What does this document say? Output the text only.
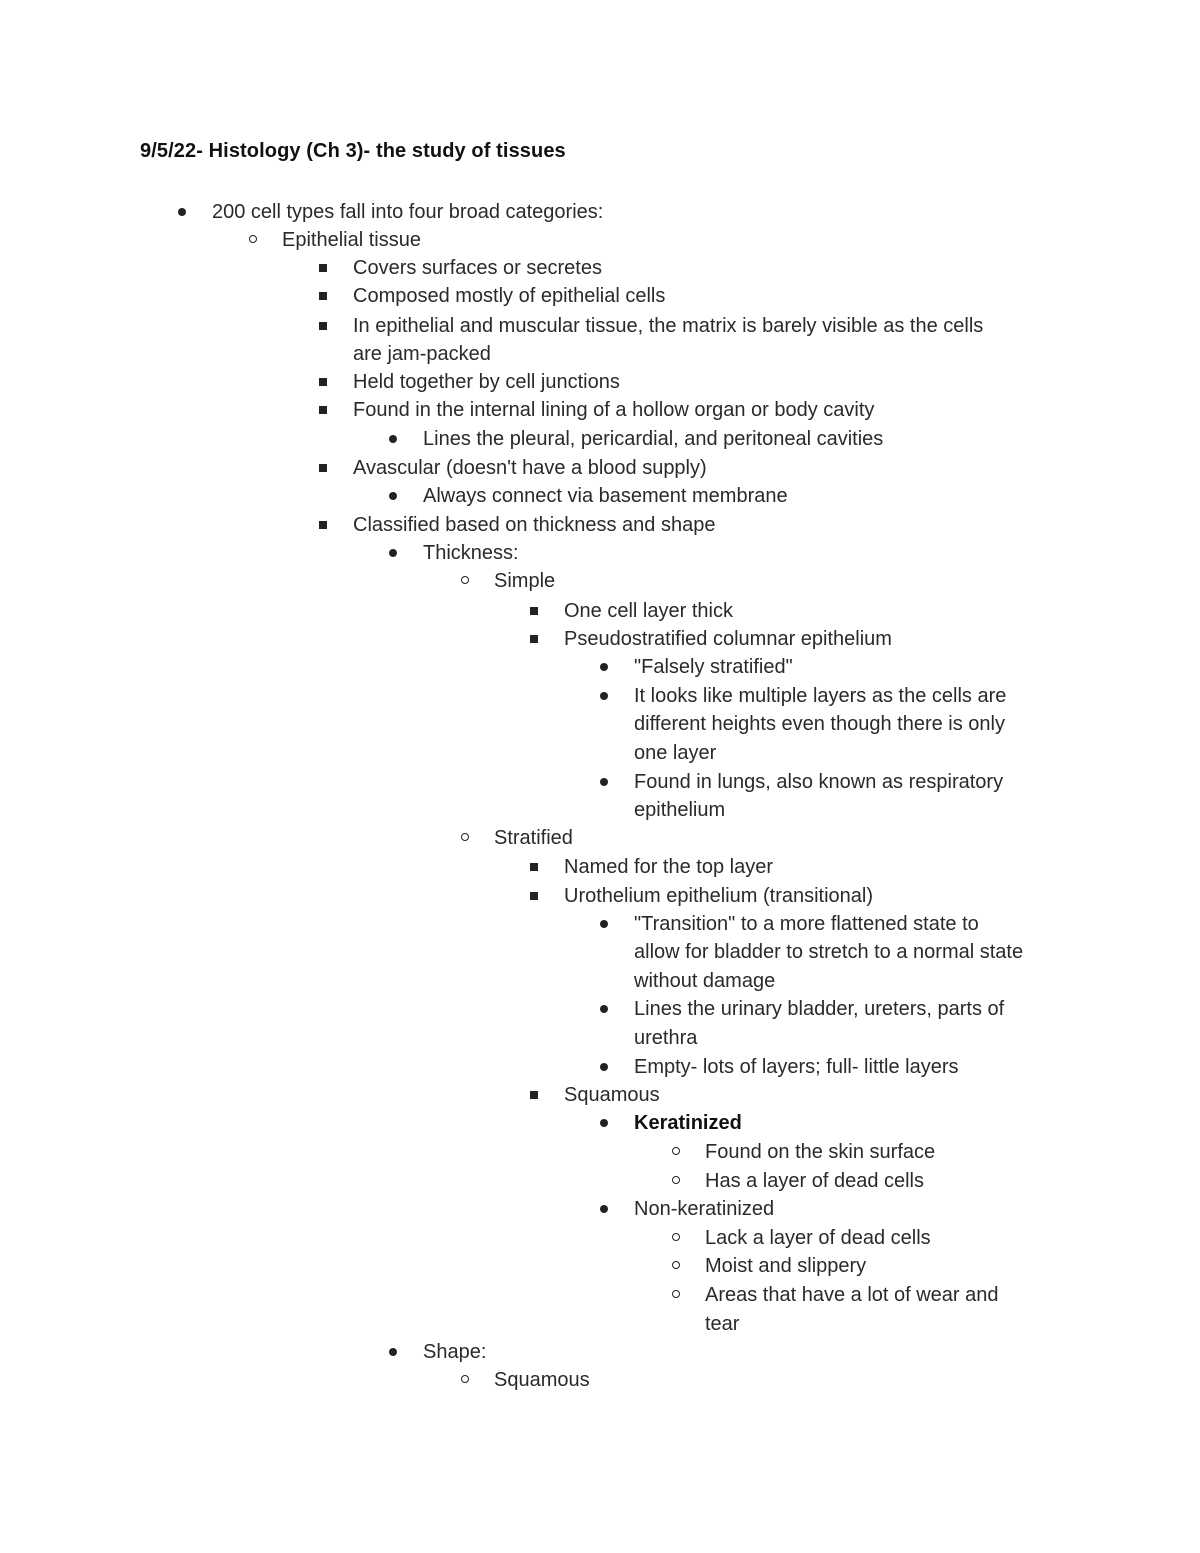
9/5/22- Histology (Ch 3)- the study of tissues
200 cell types fall into four broad categories:
Epithelial tissue
Covers surfaces or secretes
Composed mostly of epithelial cells
In epithelial and muscular tissue, the matrix is barely visible as the cells
are jam-packed
Held together by cell junctions
Found in the internal lining of a hollow organ or body cavity
Lines the pleural, pericardial, and peritoneal cavities
Avascular (doesn't have a blood supply)
Always connect via basement membrane
Classified based on thickness and shape
Thickness:
Simple
One cell layer thick
Pseudostratified columnar epithelium
"Falsely stratified"
It looks like multiple layers as the cells are
different heights even though there is only
one layer
Found in lungs, also known as respiratory
epithelium
Stratified
Named for the top layer
Urothelium epithelium (transitional)
"Transition" to a more flattened state to
allow for bladder to stretch to a normal state
without damage
Lines the urinary bladder, ureters, parts of
urethra
Empty- lots of layers; full- little layers
Squamous
Keratinized
Found on the skin surface
Has a layer of dead cells
Non-keratinized
Lack a layer of dead cells
Moist and slippery
Areas that have a lot of wear and
tear
Shape:
Squamous
